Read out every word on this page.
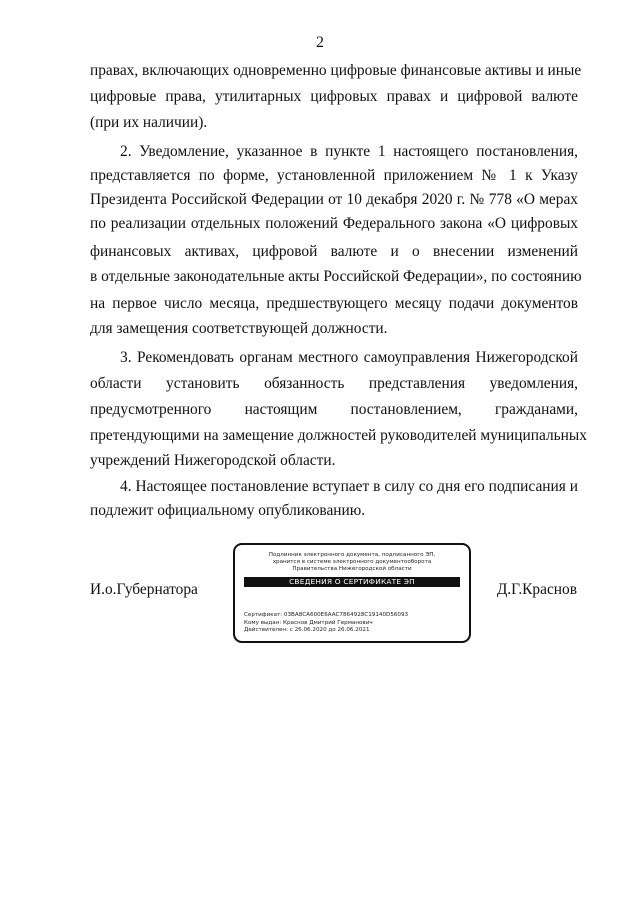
2
правах, включающих одновременно цифровые финансовые активы и иные
цифровые права, утилитарных цифровых правах и цифровой валюте
(при их наличии).
2. Уведомление, указанное в пункте 1 настоящего постановления,
представляется по форме, установленной приложением № 1 к Указу
Президента Российской Федерации от 10 декабря 2020 г. № 778 «О мерах
по реализации отдельных положений Федерального закона «О цифровых
финансовых активах, цифровой валюте и о внесении изменений
в отдельные законодательные акты Российской Федерации», по состоянию
на первое число месяца, предшествующего месяцу подачи документов
для замещения соответствующей должности.
3. Рекомендовать органам местного самоуправления Нижегородской
области установить обязанность представления уведомления,
предусмотренного настоящим постановлением, гражданами,
претендующими на замещение должностей руководителей муниципальных
учреждений Нижегородской области.
4. Настоящее постановление вступает в силу со дня его подписания и
подлежит официальному опубликованию.
И.о.Губернатора
Подлинник электронного документа, подписанного ЭП,
хранится в системе электронного документооборота
Правительства Нижегородской области
СВЕДЕНИЯ О СЕРТИФИКАТЕ ЭП
Сертификат: 03BA8CA600E6AAC7864928C19140D56093
Кому выдан: Краснов Дмитрий Германович
Действителен: с 26.06.2020 до 26.06.2021
Д.Г.Краснов
